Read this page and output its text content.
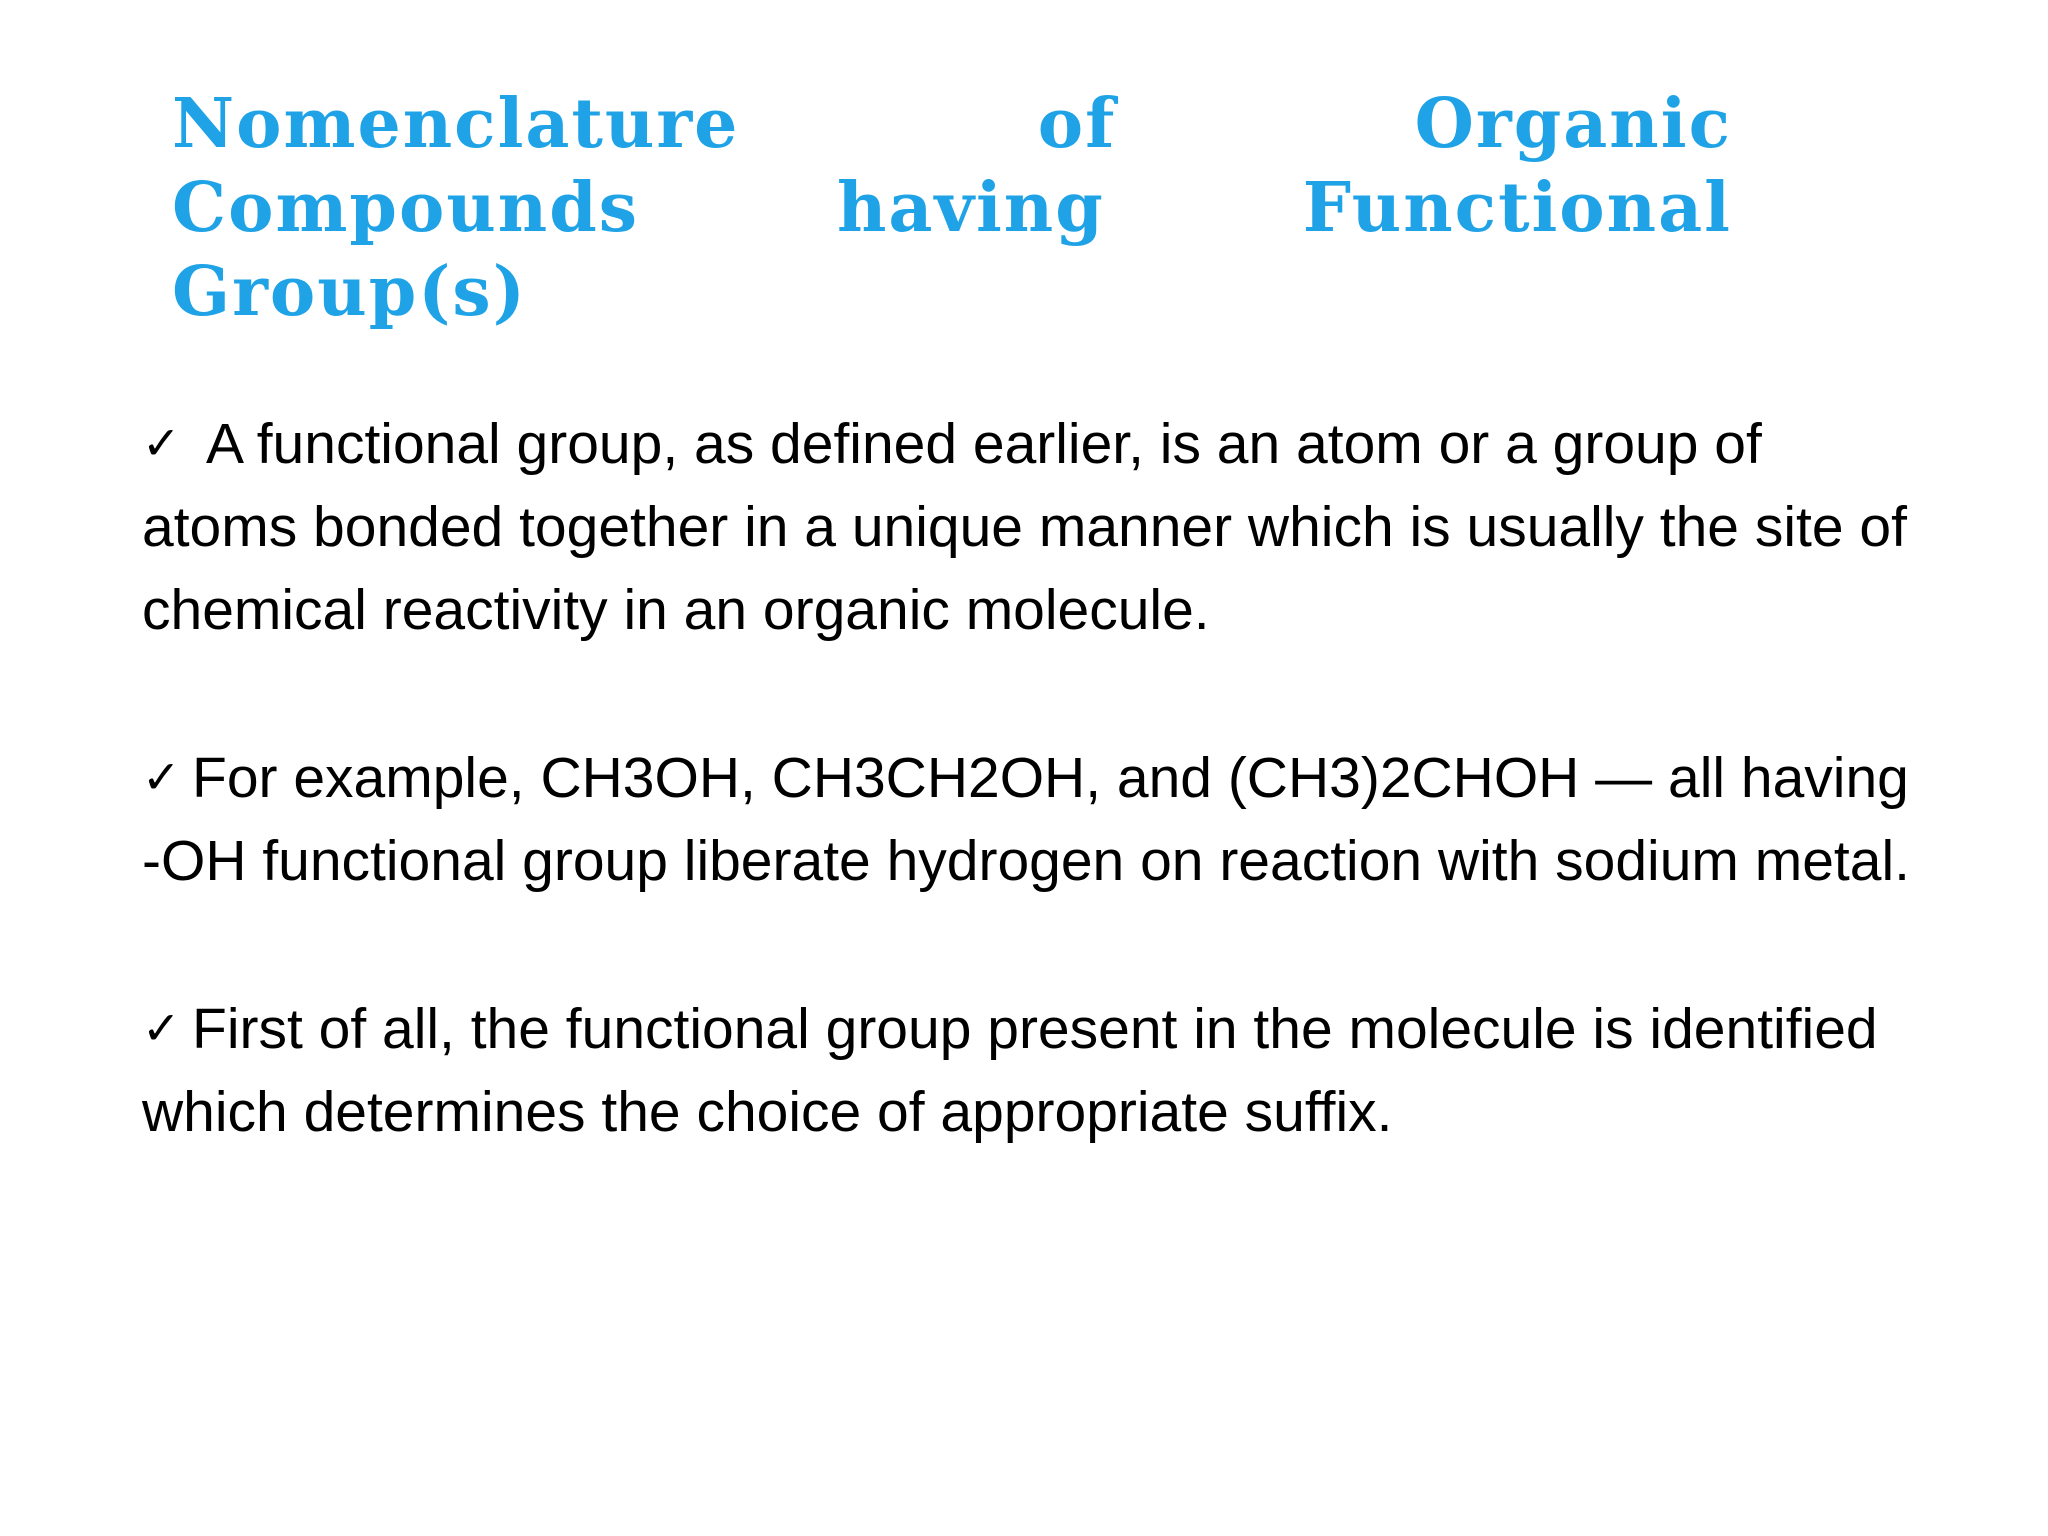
Nomenclature	of	Organic
Compounds	having	Functional
Group(s)

✓ A functional group, as defined earlier, is an atom or a group of atoms bonded together in a unique manner which is usually the site of chemical reactivity in an organic molecule.

✓ For example, CH3OH, CH3CH2OH, and (CH3)2CHOH — all having -OH functional group liberate hydrogen on reaction with sodium metal.

✓ First of all, the functional group present in the molecule is identified which determines the choice of appropriate suffix.
